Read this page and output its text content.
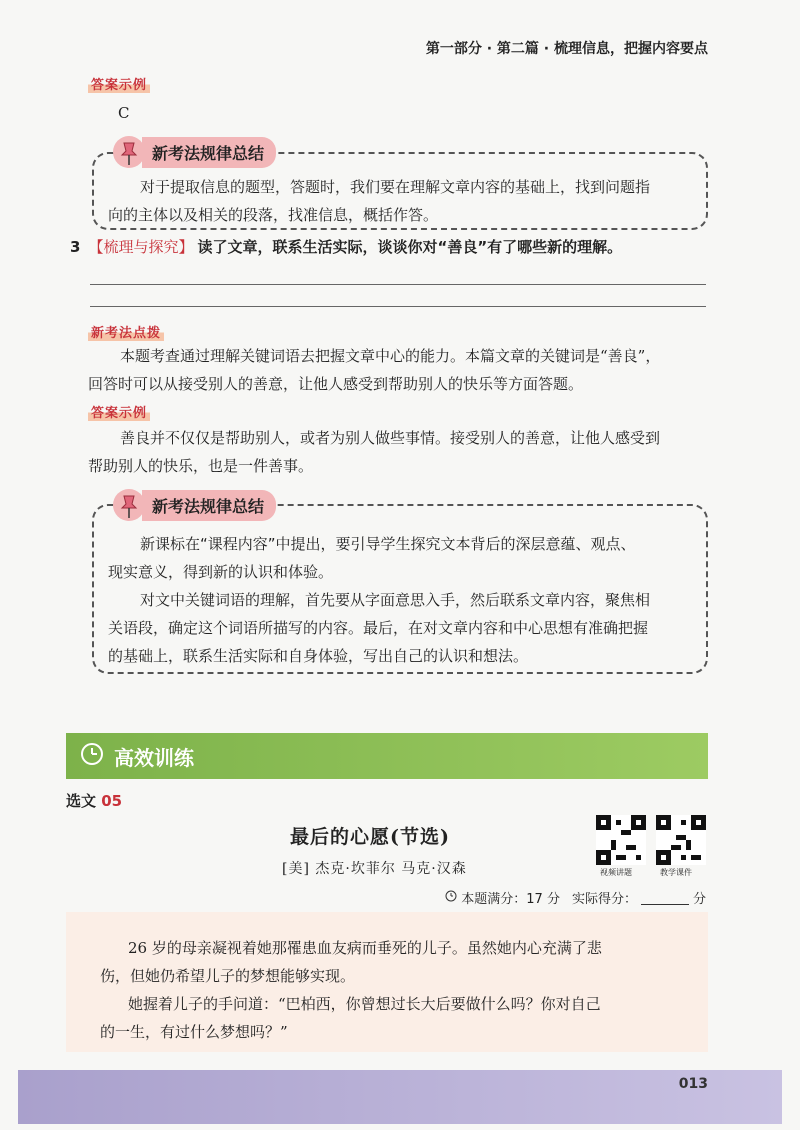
第一部分 · 第二篇 · 梳理信息，把握内容要点
答案示例
C
新考法规律总结
对于提取信息的题型，答题时，我们要在理解文章内容的基础上，找到问题指
向的主体以及相关的段落，找准信息，概括作答。
3 【梳理与探究】 读了文章，联系生活实际，谈谈你对“善良”有了哪些新的理解。
新考法点拨
本题考查通过理解关键词语去把握文章中心的能力。本篇文章的关键词是“善良”，
回答时可以从接受别人的善意，让他人感受到帮助别人的快乐等方面答题。
答案示例
善良并不仅仅是帮助别人，或者为别人做些事情。接受别人的善意，让他人感受到
帮助别人的快乐，也是一件善事。
新考法规律总结
新课标在“课程内容”中提出，要引导学生探究文本背后的深层意蕴、观点、
现实意义，得到新的认识和体验。
对文中关键词语的理解，首先要从字面意思入手，然后联系文章内容，聚焦相
关语段，确定这个词语所描写的内容。最后，在对文章内容和中心思想有准确把握
的基础上，联系生活实际和自身体验，写出自己的认识和想法。
高效训练
选文 05
最后的心愿(节选)
[美] 杰克·坎菲尔 马克·汉森	视频讲题	教学课件
本题满分：17 分 实际得分：	分
26 岁的母亲凝视着她那罹患血友病而垂死的儿子。虽然她内心充满了悲
伤，但她仍希望儿子的梦想能够实现。
她握着儿子的手问道：“巴柏西，你曾想过长大后要做什么吗？你对自己
的一生，有过什么梦想吗？”
013
